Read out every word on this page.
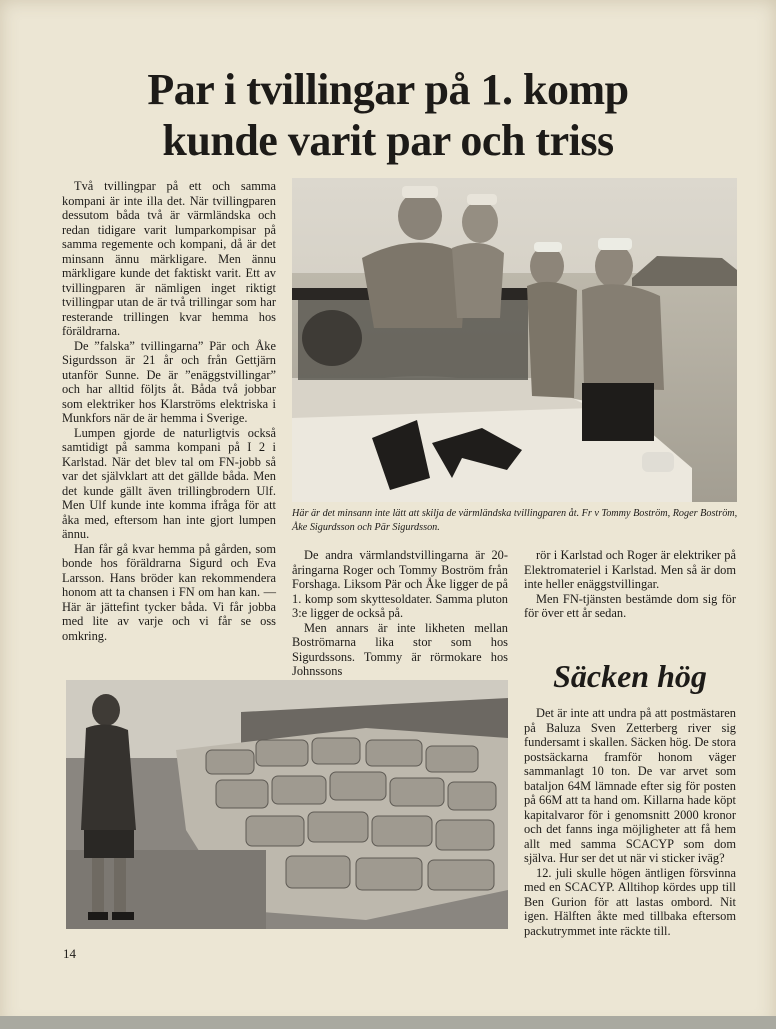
Par i tvillingar på 1. komp
kunde varit par och triss

Två tvillingpar på ett och samma kompani är inte illa det. När tvillingparen dessutom båda två är värmländska och redan tidigare varit lumparkompisar på samma regemente och kompani, då är det minsann ännu märkligare. Men ännu märkligare kunde det faktiskt varit. Ett av tvillingparen är nämligen inget riktigt tvillingpar utan de är två trillingar som har resterande trillingen kvar hemma hos föräldrarna.

De ”falska” tvillingarna” Pär och Åke Sigurdsson är 21 år och från Gettjärn utanför Sunne. De är ”enäggstvillingar” och har alltid följts åt. Båda två jobbar som elektriker hos Klarströms elektriska i Munkfors när de är hemma i Sverige.

Lumpen gjorde de naturligtvis också samtidigt på samma kompani på I 2 i Karlstad. När det blev tal om FN-jobb så var det självklart att det gällde båda. Men det kunde gällt även trillingbrodern Ulf. Men Ulf kunde inte komma ifråga för att åka med, eftersom han inte gjort lumpen ännu.

Han får gå kvar hemma på gården, som bonde hos föräldrarna Sigurd och Eva Larsson. Hans bröder kan rekommendera honom att ta chansen i FN om han kan. —Här är jättefint tycker båda. Vi får jobba med lite av varje och vi får se oss omkring.

Här är det minsann inte lätt att skilja de värmländska tvillingparen åt. Fr v Tommy Boström, Roger Boström, Åke Sigurdsson och Pär Sigurdsson.

De andra värmlandstvillingarna är 20-åringarna Roger och Tommy Boström från Forshaga. Liksom Pär och Åke ligger de på 1. komp som skyttesoldater. Samma pluton 3:e ligger de också på.

Men annars är inte likheten mellan Boströmarna lika stor som hos Sigurdssons. Tommy är rörmokare hos Johnssons

rör i Karlstad och Roger är elektriker på Elektromateriel i Karlstad. Men så är dom inte heller enäggstvillingar.

Men FN-tjänsten bestämde dom sig för för över ett år sedan.

Säcken hög

Det är inte att undra på att postmästaren på Baluza Sven Zetterberg river sig fundersamt i skallen. Säcken hög. De stora postsäckarna framför honom väger sammanlagt 10 ton. De var arvet som bataljon 64M lämnade efter sig för posten på 66M att ta hand om. Killarna hade köpt kapitalvaror för i genomsnitt 2000 kronor och det fanns inga möjligheter att få hem allt med samma SCACYP som dom själva. Hur ser det ut när vi sticker iväg?

12. juli skulle högen äntligen försvinna med en SCACYP. Alltihop kördes upp till Ben Gurion för att lastas ombord. Nit igen. Hälften åkte med tillbaka eftersom packutrymmet inte räckte till.

14
